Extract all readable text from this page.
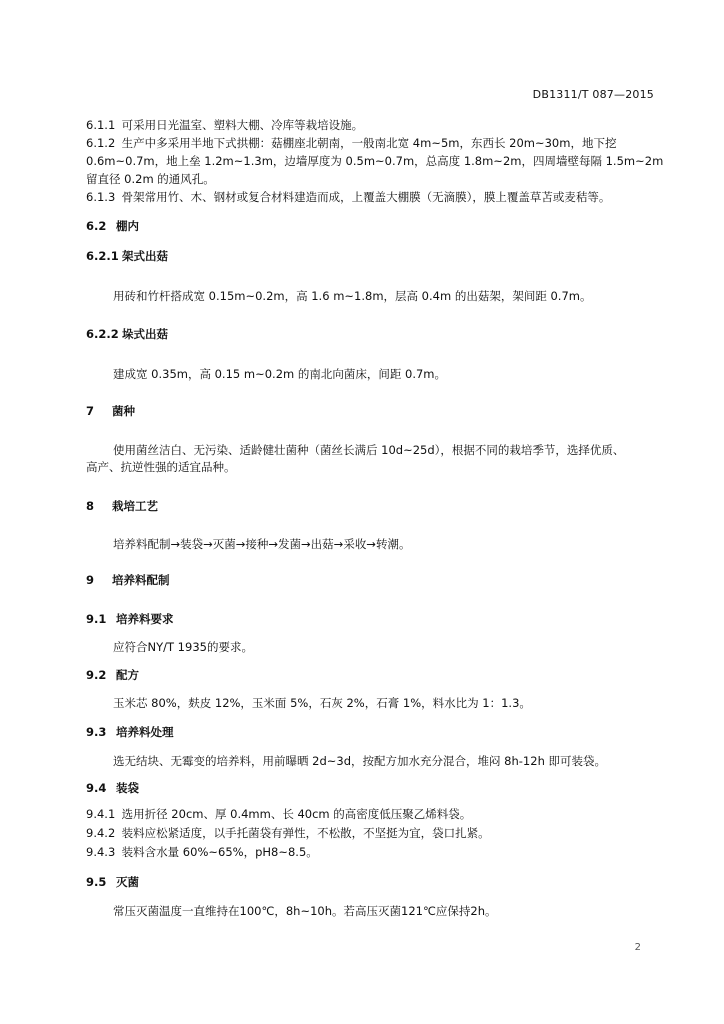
DB1311/T 087—2015
6.1.1 可采用日光温室、塑料大棚、冷库等栽培设施。
6.1.2 生产中多采用半地下式拱棚：菇棚座北朝南，一般南北宽 4m~5m，东西长 20m~30m，地下挖
0.6m~0.7m，地上垒 1.2m~1.3m，边墙厚度为 0.5m~0.7m，总高度 1.8m~2m，四周墙壁每隔 1.5m~2m
留直径 0.2m 的通风孔。
6.1.3 骨架常用竹、木、钢材或复合材料建造而成，上覆盖大棚膜（无滴膜），膜上覆盖草苫或麦秸等。
6.2 棚内
6.2.1 架式出菇
用砖和竹杆搭成宽 0.15m~0.2m，高 1.6 m~1.8m，层高 0.4m 的出菇架，架间距 0.7m。
6.2.2 垛式出菇
建成宽 0.35m，高 0.15 m~0.2m 的南北向菌床，间距 0.7m。
7 菌种
使用菌丝洁白、无污染、适龄健壮菌种（菌丝长满后 10d~25d），根据不同的栽培季节，选择优质、
高产、抗逆性强的适宜品种。
8 栽培工艺
培养料配制→装袋→灭菌→接种→发菌→出菇→采收→转潮。
9 培养料配制
9.1 培养料要求
应符合NY/T 1935的要求。
9.2 配方
玉米芯 80%，麸皮 12%，玉米面 5%，石灰 2%，石膏 1%，料水比为 1：1.3。
9.3 培养料处理
选无结块、无霉变的培养料，用前曝晒 2d~3d，按配方加水充分混合，堆闷 8h-12h 即可装袋。
9.4 装袋
9.4.1 选用折径 20cm、厚 0.4mm、长 40cm 的高密度低压聚乙烯料袋。
9.4.2 装料应松紧适度，以手托菌袋有弹性，不松散，不坚挺为宜，袋口扎紧。
9.4.3 装料含水量 60%~65%，pH8~8.5。
9.5 灭菌
常压灭菌温度一直维持在100℃，8h~10h。若高压灭菌121℃应保持2h。
2
